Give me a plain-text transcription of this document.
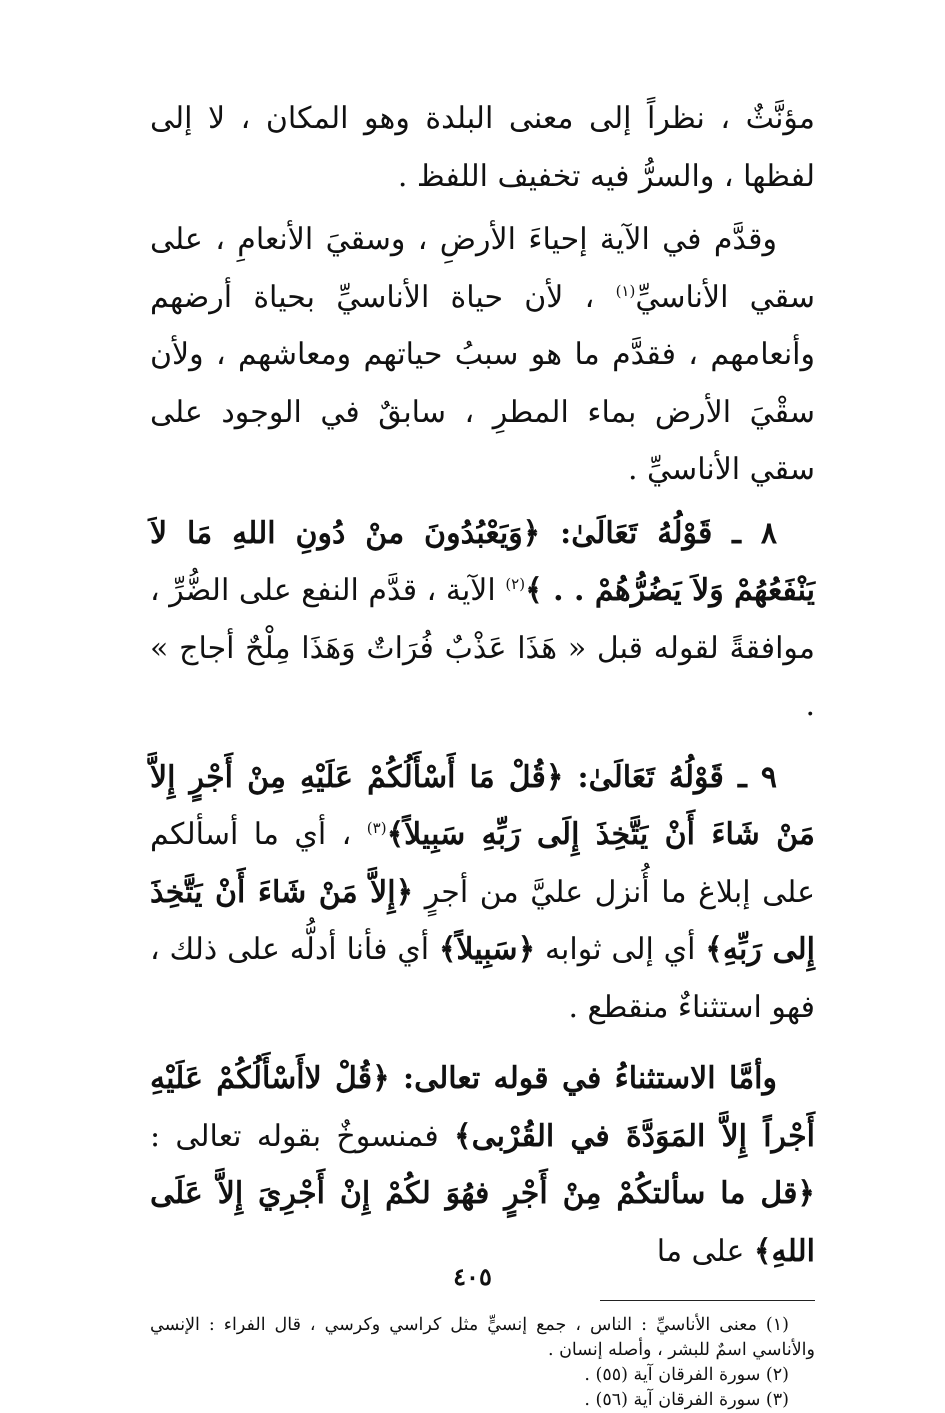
مؤنَّثٌ ، نظراً إلى معنى البلدة وهو المكان ، لا إلى لفظها ، والسرُّ فيه تخفيف اللفظ .

وقدَّم في الآية إحياءَ الأرضِ ، وسقيَ الأنعامِ ، على سقي الأناسيِّ$^{(١)}$ ، لأن حياة الأناسيِّ بحياة أرضهم وأنعامهم ، فقدَّم ما هو سببُ حياتهم ومعاشهم ، ولأن سقْيَ الأرض بماء المطرِ ، سابقٌ في الوجود على سقي الأناسيِّ .

٨ ـ قَوْلُهُ تَعَالَىٰ: ﴿وَيَعْبُدُونَ منْ دُونِ اللهِ مَا لاَ يَنْفَعُهُمْ وَلاَ يَضُرُّهُمْ . . ﴾$^{(٢)}$ الآية ، قدَّم النفع على الضُّرِّ ، موافقةً لقوله قبل « هَذَا عَذْبٌ فُرَاتٌ وَهَذَا مِلْحٌ أجاج » .

٩ ـ قَوْلُهُ تَعَالَىٰ: ﴿قُلْ مَا أَسْأَلُكُمْ عَلَيْهِ مِنْ أَجْرٍ إِلاَّ مَنْ شَاءَ أَنْ يَتَّخِذَ إِلَى رَبِّهِ سَبِيلاً﴾$^{(٣)}$ ، أي ما أسألكم على إبلاغ ما أُنزل عليَّ من أجرٍ ﴿إِلاَّ مَنْ شَاءَ أَنْ يَتَّخِذَ إِلى رَبِّهِ﴾ أي إلى ثوابه ﴿سَبِيلاً﴾ أي فأنا أدلُّه على ذلك ، فهو استثناءٌ منقطع .

وأمَّا الاستثناءُ في قوله تعالى: ﴿قُلْ لاأَسْأَلُكُمْ عَلَيْهِ أَجْراً إِلاَّ المَوَدَّةَ في القُرْبى﴾ فمنسوخٌ بقوله تعالى : ﴿قل ما سألتكُمْ مِنْ أَجْرٍ فهُوَ لكُمْ إِنْ أَجْرِيَ إِلاَّ عَلَى اللهِ﴾ على ما

(١) معنى الأناسيِّ : الناس ، جمع إنسيٍّ مثل كراسي وكرسي ، قال الفراء : الإنسي والأناسي اسمٌ للبشر ، وأصله إنسان .

(٢) سورة الفرقان آية (٥٥) .

(٣) سورة الفرقان آية (٥٦) .

٤٠٥
